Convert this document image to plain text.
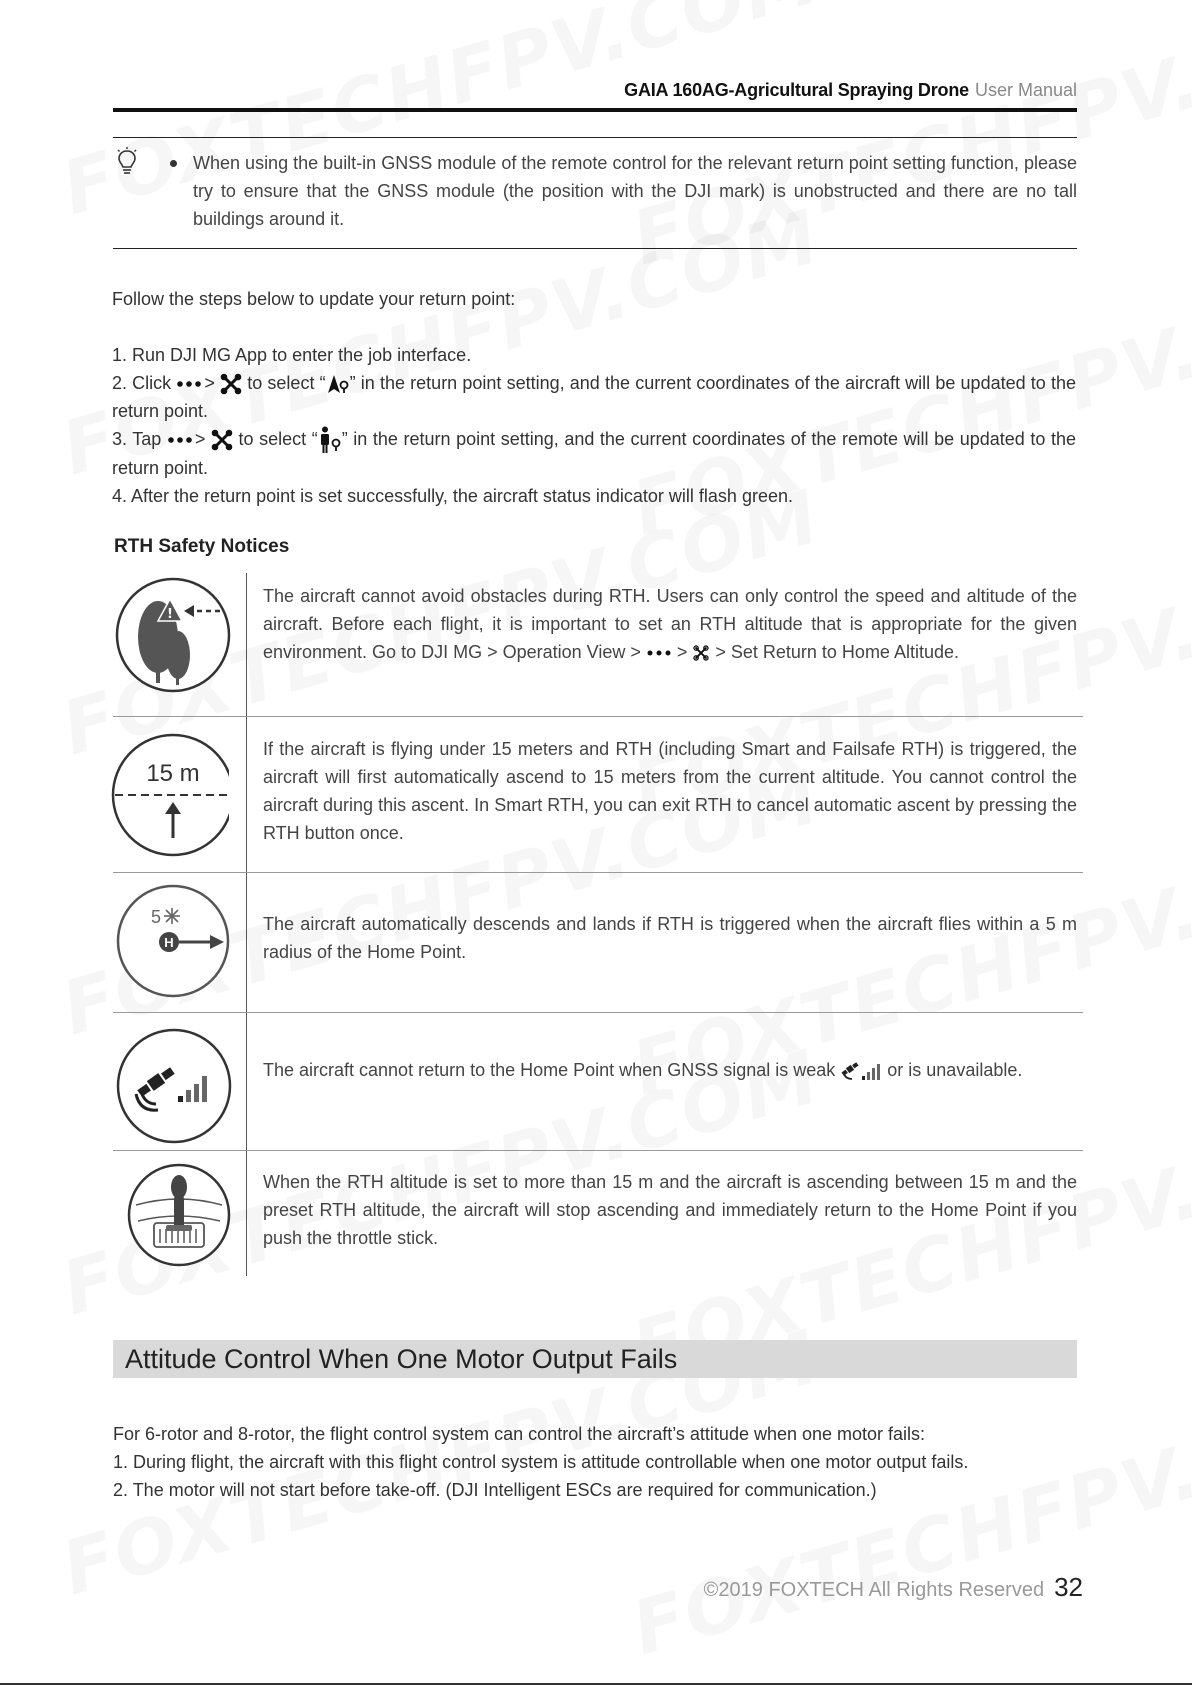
GAIA 160AG-Agricultural Spraying Drone User Manual
When using the built-in GNSS module of the remote control for the relevant return point setting function, please try to ensure that the GNSS module (the position with the DJI mark) is unobstructed and there are no tall buildings around it.
Follow the steps below to update your return point:

1. Run DJI MG App to enter the job interface.

2. Click >  to select “ ” in the return point setting, and the current coordinates of the aircraft will be updated to the return point.

3. Tap >  to select “ ” in the return point setting, and the current coordinates of the remote will be updated to the return point.

4. After the return point is set successfully, the aircraft status indicator will flash green.

RTH Safety Notices
!
The aircraft cannot avoid obstacles during RTH. Users can only control the speed and altitude of the aircraft. Before each flight, it is important to set an RTH altitude that is appropriate for the given environment. Go to DJI MG > Operation View >  >  > Set Return to Home Altitude.
15 m
If the aircraft is flying under 15 meters and RTH (including Smart and Failsafe RTH) is triggered, the aircraft will first automatically ascend to 15 meters from the current altitude. You cannot control the aircraft during this ascent. In Smart RTH, you can exit RTH to cancel automatic ascent by pressing the RTH button once.
5
H
The aircraft automatically descends and lands if RTH is triggered when the aircraft flies within a 5 m radius of the Home Point.
The aircraft cannot return to the Home Point when GNSS signal is weak  or is unavailable.
When the RTH altitude is set to more than 15 m and the aircraft is ascending between 15 m and the preset RTH altitude, the aircraft will stop ascending and immediately return to the Home Point if you push the throttle stick.
Attitude Control When One Motor Output Fails

For 6-rotor and 8-rotor, the flight control system can control the aircraft’s attitude when one motor fails:

1. During flight, the aircraft with this flight control system is attitude controllable when one motor output fails.

2. The motor will not start before take-off. (DJI Intelligent ESCs are required for communication.)

©2019 FOXTECH All Rights Reserved 32
